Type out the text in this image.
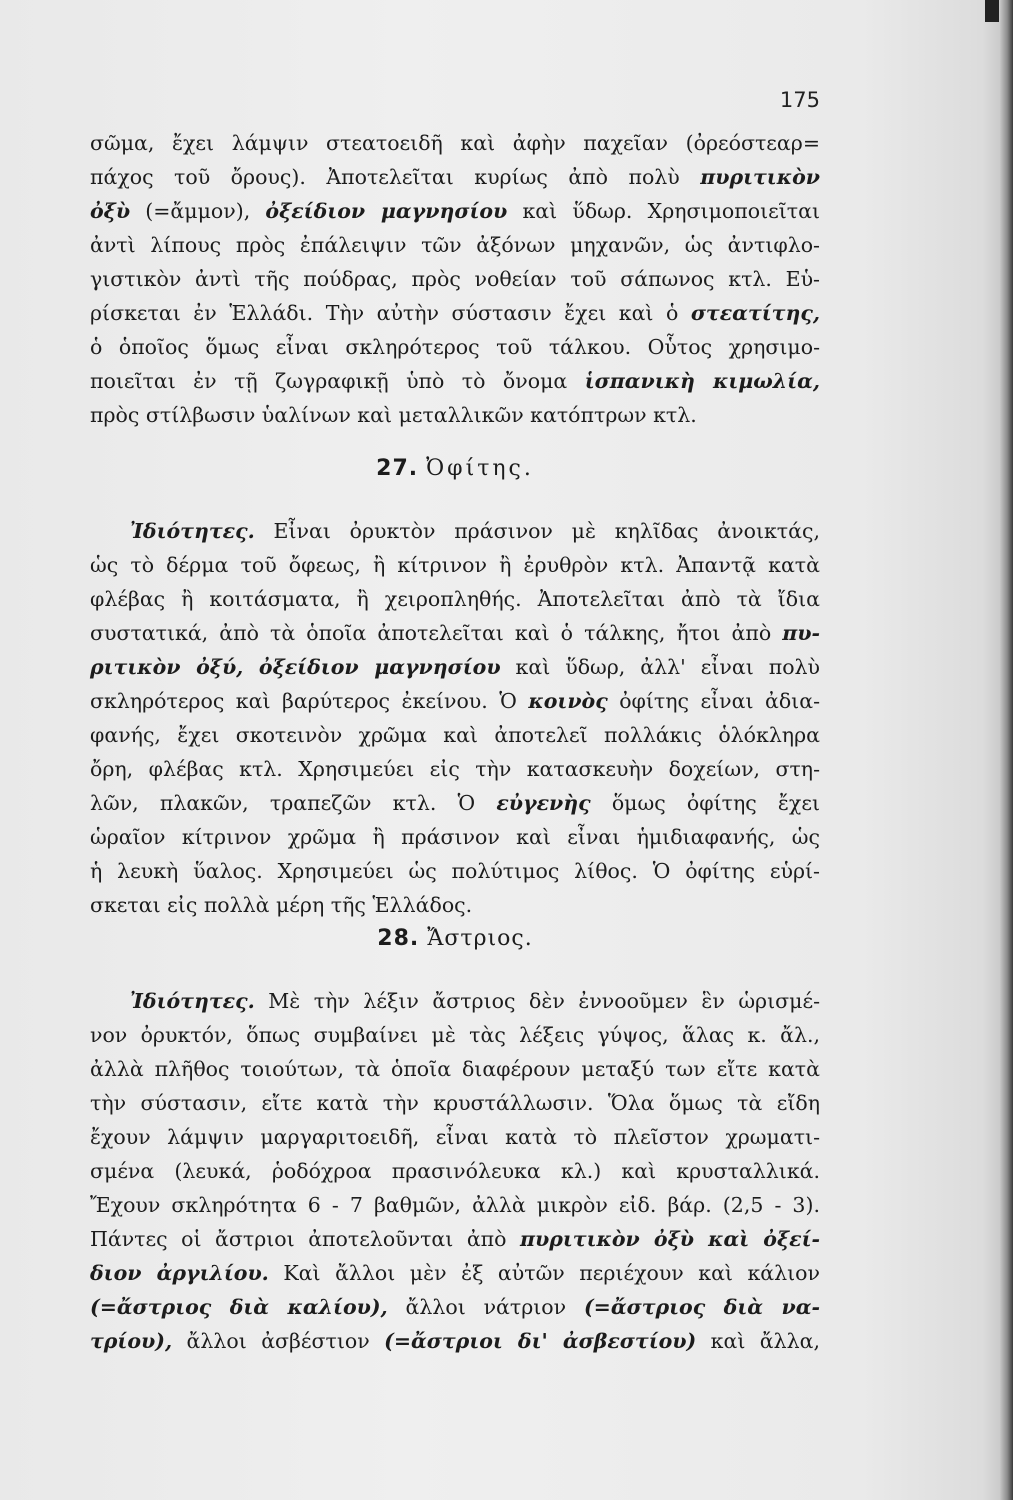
175
σῶμα, ἔχει λάμψιν στεατοειδῆ καὶ ἀφὴν παχεῖαν (ὀρεόστεαρ=
πάχος τοῦ ὄρους). Ἀποτελεῖται κυρίως ἀπὸ πολὺ πυριτικὸν
ὀξὺ (=ἄμμον), ὀξείδιον μαγνησίου καὶ ὕδωρ. Χρησιμοποιεῖται
ἀντὶ λίπους πρὸς ἐπάλειψιν τῶν ἀξόνων μηχανῶν, ὡς ἀντιφλο-
γιστικὸν ἀντὶ τῆς πούδρας, πρὸς νοθείαν τοῦ σάπωνος κτλ. Εὑ-
ρίσκεται ἐν Ἑλλάδι. Τὴν αὐτὴν σύστασιν ἔχει καὶ ὁ στεατίτης,
ὁ ὁποῖος ὅμως εἶναι σκληρότερος τοῦ τάλκου. Οὗτος χρησιμο-
ποιεῖται ἐν τῇ ζωγραφικῇ ὑπὸ τὸ ὄνομα ἱσπανικὴ κιμωλία,
πρὸς στίλβωσιν ὑαλίνων καὶ μεταλλικῶν κατόπτρων κτλ.
27. Ὀφίτης.
Ἰδιότητες. Εἶναι ὀρυκτὸν πράσινον μὲ κηλῖδας ἀνοικτάς,
ὡς τὸ δέρμα τοῦ ὄφεως, ἢ κίτρινον ἢ ἐρυθρὸν κτλ. Ἀπαντᾷ κατὰ
φλέβας ἢ κοιτάσματα, ἢ χειροπληθής. Ἀποτελεῖται ἀπὸ τὰ ἴδια
συστατικά, ἀπὸ τὰ ὁποῖα ἀποτελεῖται καὶ ὁ τάλκης, ἤτοι ἀπὸ πυ-
ριτικὸν ὀξύ, ὀξείδιον μαγνησίου καὶ ὕδωρ, ἀλλ' εἶναι πολὺ
σκληρότερος καὶ βαρύτερος ἐκείνου. Ὁ κοινὸς ὀφίτης εἶναι ἀδια-
φανής, ἔχει σκοτεινὸν χρῶμα καὶ ἀποτελεῖ πολλάκις ὁλόκληρα
ὄρη, φλέβας κτλ. Χρησιμεύει εἰς τὴν κατασκευὴν δοχείων, στη-
λῶν, πλακῶν, τραπεζῶν κτλ. Ὁ εὐγενὴς ὅμως ὀφίτης ἔχει
ὡραῖον κίτρινον χρῶμα ἢ πράσινον καὶ εἶναι ἡμιδιαφανής, ὡς
ἡ λευκὴ ὕαλος. Χρησιμεύει ὡς πολύτιμος λίθος. Ὁ ὀφίτης εὑρί-
σκεται εἰς πολλὰ μέρη τῆς Ἑλλάδος.
28. Ἄστριος.
Ἰδιότητες. Μὲ τὴν λέξιν ἄστριος δὲν ἐννοοῦμεν ἓν ὡρισμέ-
νον ὀρυκτόν, ὅπως συμβαίνει μὲ τὰς λέξεις γύψος, ἅλας κ. ἄλ.,
ἀλλὰ πλῆθος τοιούτων, τὰ ὁποῖα διαφέρουν μεταξύ των εἴτε κατὰ
τὴν σύστασιν, εἴτε κατὰ τὴν κρυστάλλωσιν. Ὅλα ὅμως τὰ εἴδη
ἔχουν λάμψιν μαργαριτοειδῆ, εἶναι κατὰ τὸ πλεῖστον χρωματι-
σμένα (λευκά, ῥοδόχροα πρασινόλευκα κλ.) καὶ κρυσταλλικά.
Ἔχουν σκληρότητα 6 - 7 βαθμῶν, ἀλλὰ μικρὸν εἰδ. βάρ. (2,5 - 3).
Πάντες οἱ ἄστριοι ἀποτελοῦνται ἀπὸ πυριτικὸν ὀξὺ καὶ ὀξεί-
διον ἀργιλίου. Καὶ ἄλλοι μὲν ἐξ αὐτῶν περιέχουν καὶ κάλιον
(=ἄστριος διὰ καλίου), ἄλλοι νάτριον (=ἄστριος διὰ να-
τρίου), ἄλλοι ἀσβέστιον (=ἄστριοι δι' ἀσβεστίου) καὶ ἄλλα,
